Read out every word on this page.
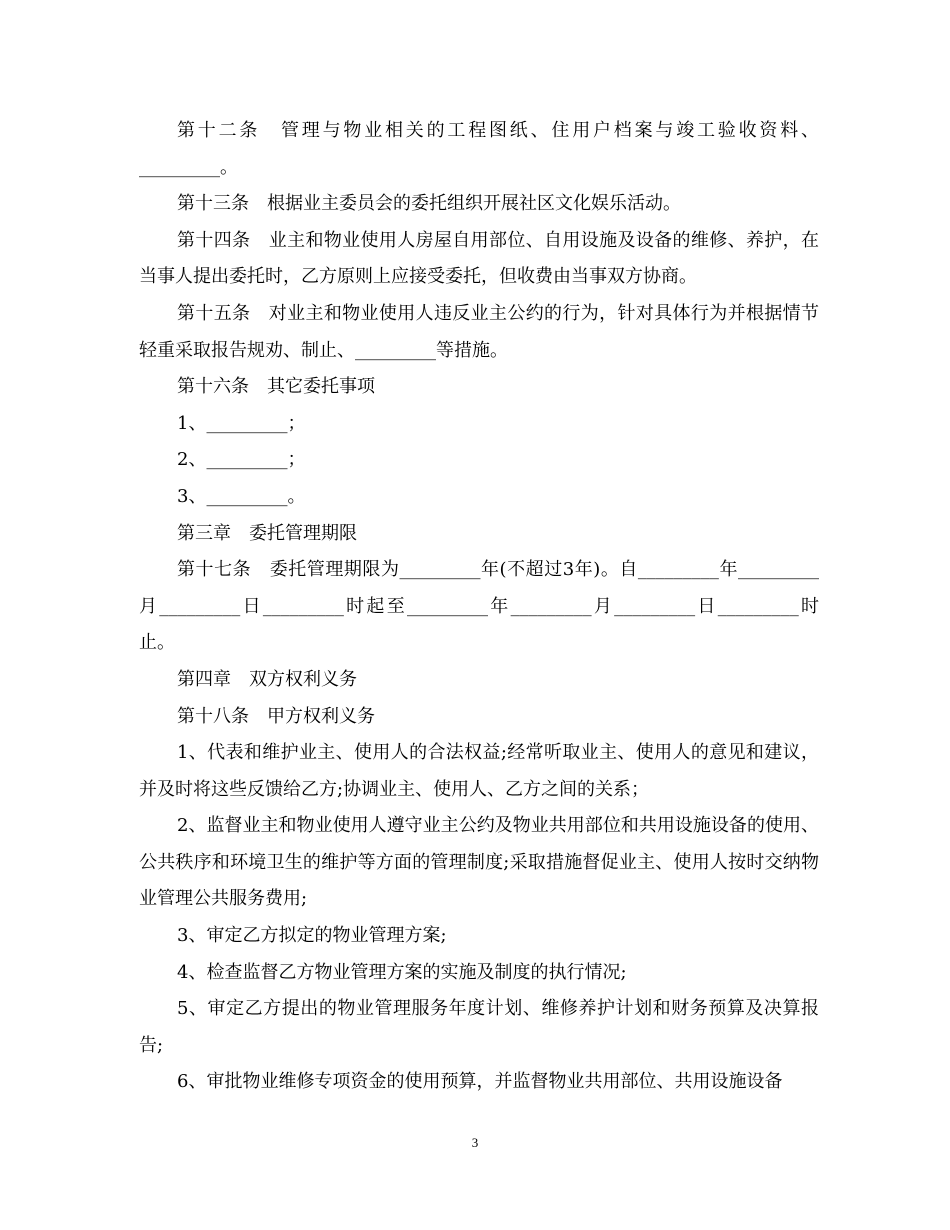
第十二条　管理与物业相关的工程图纸、住用户档案与竣工验收资料、_________。

第十三条　根据业主委员会的委托组织开展社区文化娱乐活动。

第十四条　业主和物业使用人房屋自用部位、自用设施及设备的维修、养护，在当事人提出委托时，乙方原则上应接受委托，但收费由当事双方协商。

第十五条　对业主和物业使用人违反业主公约的行为，针对具体行为并根据情节轻重采取报告规劝、制止、_________等措施。

第十六条　其它委托事项

1、_________；

2、_________；

3、_________。

第三章　委托管理期限

第十七条　委托管理期限为_________年(不超过3年)。自_________年_________月_________日_________时起至_________年_________月_________日_________时止。

第四章　双方权利义务

第十八条　甲方权利义务

1、代表和维护业主、使用人的合法权益;经常听取业主、使用人的意见和建议，并及时将这些反馈给乙方;协调业主、使用人、乙方之间的关系；

2、监督业主和物业使用人遵守业主公约及物业共用部位和共用设施设备的使用、公共秩序和环境卫生的维护等方面的管理制度;采取措施督促业主、使用人按时交纳物业管理公共服务费用;

3、审定乙方拟定的物业管理方案;

4、检查监督乙方物业管理方案的实施及制度的执行情况;

5、审定乙方提出的物业管理服务年度计划、维修养护计划和财务预算及决算报告;

6、审批物业维修专项资金的使用预算，并监督物业共用部位、共用设施设备

3
